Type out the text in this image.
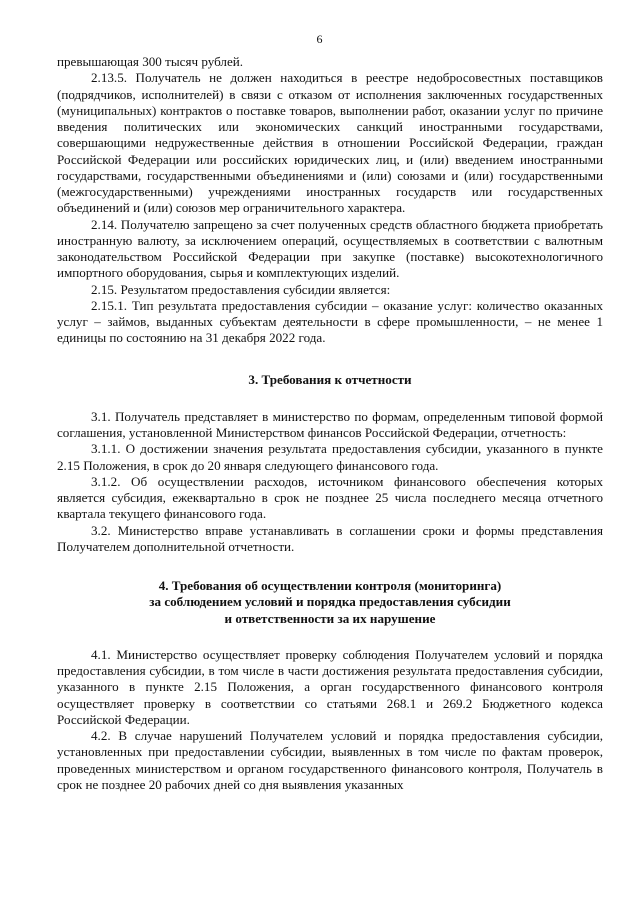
6

превышающая 300 тысяч рублей.

2.13.5. Получатель не должен находиться в реестре недобросовестных поставщиков (подрядчиков, исполнителей) в связи с отказом от исполнения заключенных государственных (муниципальных) контрактов о поставке товаров, выполнении работ, оказании услуг по причине введения политических или экономических санкций иностранными государствами, совершающими недружественные действия в отношении Российской Федерации, граждан Российской Федерации или российских юридических лиц, и (или) введением иностранными государствами, государственными объединениями и (или) союзами и (или) государственными (межгосударственными) учреждениями иностранных государств или государственных объединений и (или) союзов мер ограничительного характера.

2.14. Получателю запрещено за счет полученных средств областного бюджета приобретать иностранную валюту, за исключением операций, осуществляемых в соответствии с валютным законодательством Российской Федерации при закупке (поставке) высокотехнологичного импортного оборудования, сырья и комплектующих изделий.

2.15. Результатом предоставления субсидии является:

2.15.1. Тип результата предоставления субсидии – оказание услуг: количество оказанных услуг – займов, выданных субъектам деятельности в сфере промышленности, – не менее 1 единицы по состоянию на 31 декабря 2022 года.

3. Требования к отчетности

3.1. Получатель представляет в министерство по формам, определенным типовой формой соглашения, установленной Министерством финансов Российской Федерации, отчетность:

3.1.1. О достижении значения результата предоставления субсидии, указанного в пункте 2.15 Положения, в срок до 20 января следующего финансового года.

3.1.2. Об осуществлении расходов, источником финансового обеспечения которых является субсидия, ежеквартально в срок не позднее 25 числа последнего месяца отчетного квартала текущего финансового года.

3.2. Министерство вправе устанавливать в соглашении сроки и формы представления Получателем дополнительной отчетности.

4. Требования об осуществлении контроля (мониторинга)
за соблюдением условий и порядка предоставления субсидии
и ответственности за их нарушение

4.1. Министерство осуществляет проверку соблюдения Получателем условий и порядка предоставления субсидии, в том числе в части достижения результата предоставления субсидии, указанного в пункте 2.15 Положения, а орган государственного финансового контроля осуществляет проверку в соответствии со статьями 268.1 и 269.2 Бюджетного кодекса Российской Федерации.

4.2. В случае нарушений Получателем условий и порядка предоставления субсидии, установленных при предоставлении субсидии, выявленных в том числе по фактам проверок, проведенных министерством и органом государственного финансового контроля, Получатель в срок не позднее 20 рабочих дней со дня выявления указанных
